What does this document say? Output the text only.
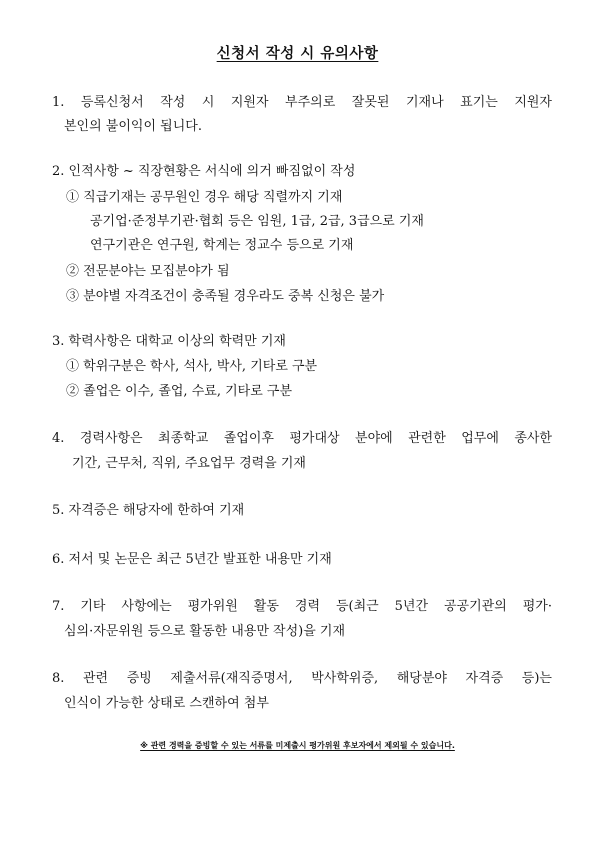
신청서 작성 시 유의사항
1. 등록신청서 작성 시 지원자 부주의로 잘못된 기재나 표기는 지원자
본인의 불이익이 됩니다.
2. 인적사항 ~ 직장현황은 서식에 의거 빠짐없이 작성
① 직급기재는 공무원인 경우 해당 직렬까지 기재
공기업·준정부기관·협회 등은 임원, 1급, 2급, 3급으로 기재
연구기관은 연구원, 학계는 정교수 등으로 기재
② 전문분야는 모집분야가 됨
③ 분야별 자격조건이 충족될 경우라도 중복 신청은 불가
3. 학력사항은 대학교 이상의 학력만 기재
① 학위구분은 학사, 석사, 박사, 기타로 구분
② 졸업은 이수, 졸업, 수료, 기타로 구분
4. 경력사항은 최종학교 졸업이후 평가대상 분야에 관련한 업무에 종사한
기간, 근무처, 직위, 주요업무 경력을 기재
5. 자격증은 해당자에 한하여 기재
6. 저서 및 논문은 최근 5년간 발표한 내용만 기재
7. 기타 사항에는 평가위원 활동 경력 등(최근 5년간 공공기관의 평가·
심의·자문위원 등으로 활동한 내용만 작성)을 기재
8. 관련 증빙 제출서류(재직증명서, 박사학위증, 해당분야 자격증 등)는
인식이 가능한 상태로 스캔하여 첨부
※ 관련 경력을 증빙할 수 있는 서류를 미제출시 평가위원 후보자에서 제외될 수 있습니다.
